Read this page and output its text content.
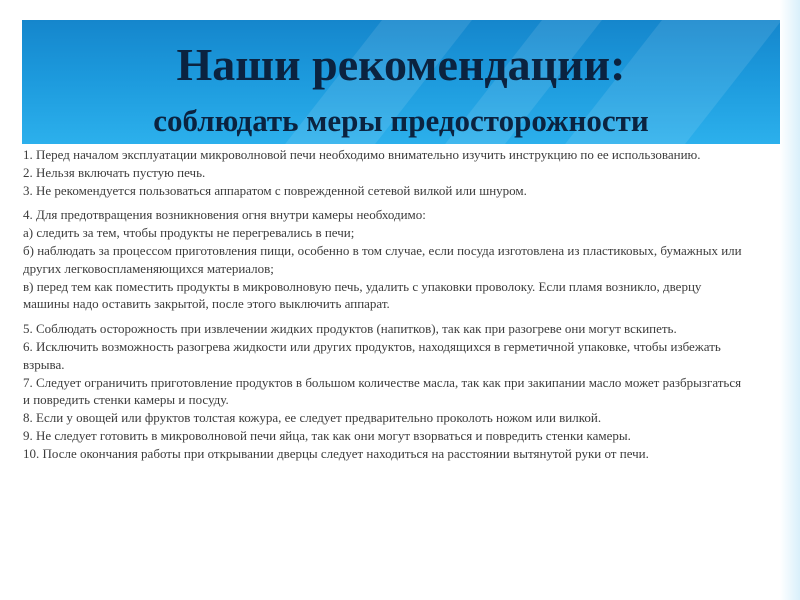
Наши рекомендации:
соблюдать меры предосторожности

1. Перед началом эксплуатации микроволновой печи необходимо внимательно изучить инструкцию по ее использованию.

2. Нельзя включать пустую печь.

3. Не рекомендуется пользоваться аппаратом с поврежденной сетевой вилкой или шнуром.

4. Для предотвращения возникновения огня внутри камеры необходимо:

а) следить за тем, чтобы продукты не перегревались в печи;

б) наблюдать за процессом приготовления пищи, особенно в том случае, если посуда изготовлена из пластиковых, бумажных или других легковоспламеняющихся материалов;

в) перед тем как поместить продукты в микроволновую печь, удалить с упаковки проволоку. Если пламя возникло, дверцу машины надо оставить закрытой, после этого выключить аппарат.

5. Соблюдать осторожность при извлечении жидких продуктов (напитков), так как при разогреве они могут вскипеть.

6. Исключить возможность разогрева жидкости или других продуктов, находящихся в герметичной упаковке, чтобы избежать взрыва.

7. Следует ограничить приготовление продуктов в большом количестве масла, так как при закипании масло может разбрызгаться и повредить стенки камеры и посуду.

8. Если у овощей или фруктов толстая кожура, ее следует предварительно проколоть ножом или вилкой.

9. Не следует готовить в микроволновой печи яйца, так как они могут взорваться и повредить стенки камеры.

10. После окончания работы при открывании дверцы следует находиться на расстоянии вытянутой руки от печи.
